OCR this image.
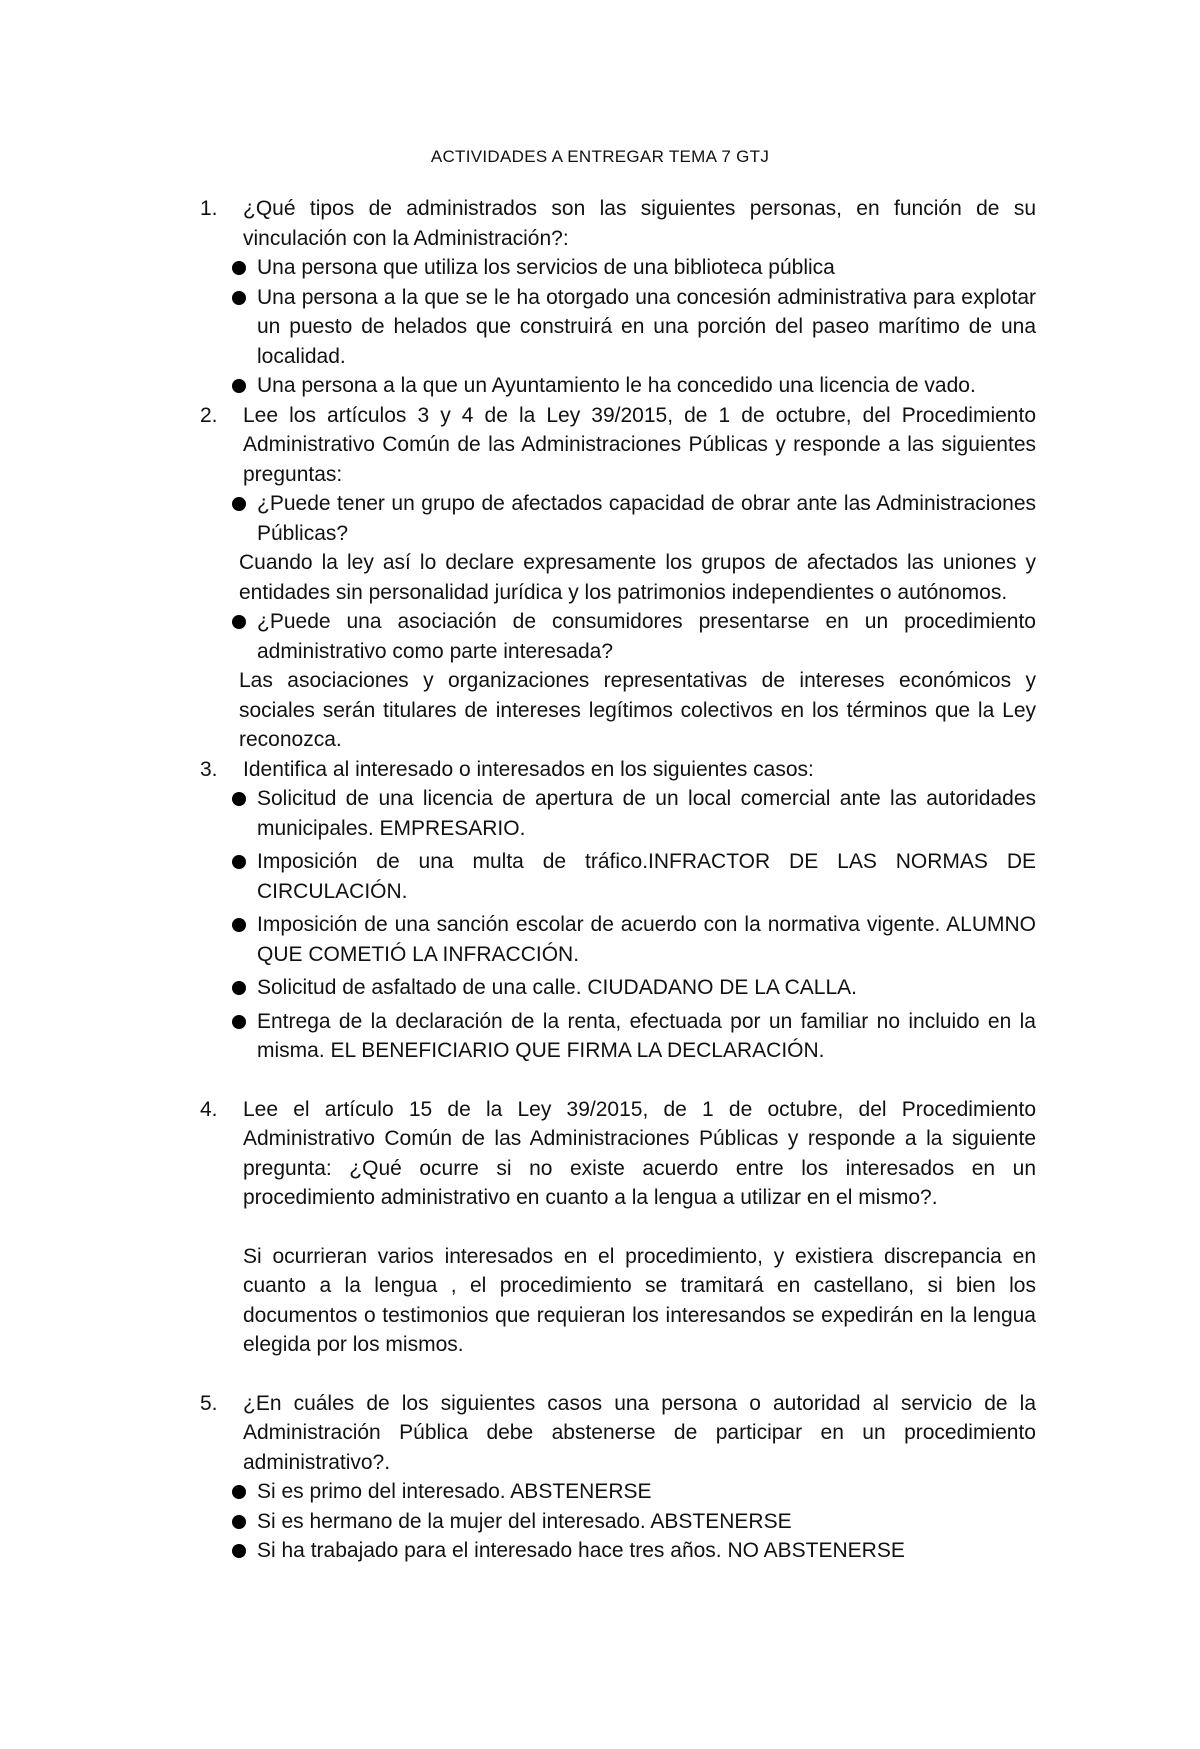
ACTIVIDADES A ENTREGAR TEMA 7 GTJ
1.	¿Qué tipos de administrados son las siguientes personas, en función de su vinculación con la Administración?:
Una persona que utiliza los servicios de una biblioteca pública
Una persona a la que se le ha otorgado una concesión administrativa para explotar un puesto de helados que construirá en una porción del paseo marítimo de una localidad.
Una persona a la que un Ayuntamiento le ha concedido una licencia de vado.
2.	Lee los artículos 3 y 4 de la Ley 39/2015, de 1 de octubre, del Procedimiento Administrativo Común de las Administraciones Públicas y responde a las siguientes preguntas:
¿Puede tener un grupo de afectados capacidad de obrar ante las Administraciones Públicas?
Cuando la ley así lo declare expresamente los grupos de afectados las uniones y entidades sin personalidad jurídica y los patrimonios independientes o autónomos.
¿Puede una asociación de consumidores presentarse en un procedimiento administrativo como parte interesada?
Las asociaciones y organizaciones representativas de intereses económicos y sociales serán titulares de intereses legítimos colectivos en los términos que la Ley reconozca.
3.	Identifica al interesado o interesados en los siguientes casos:
Solicitud de una licencia de apertura de un local comercial ante las autoridades municipales. EMPRESARIO.
Imposición de una multa de tráfico.INFRACTOR DE LAS NORMAS DE CIRCULACIÓN.
Imposición de una sanción escolar de acuerdo con la normativa vigente. ALUMNO QUE COMETIÓ LA INFRACCIÓN.
Solicitud de asfaltado de una calle. CIUDADANO DE LA CALLA.
Entrega de la declaración de la renta, efectuada por un familiar no incluido en la misma. EL BENEFICIARIO QUE FIRMA LA DECLARACIÓN.
4.	Lee el artículo 15 de la Ley 39/2015, de 1 de octubre, del Procedimiento Administrativo Común de las Administraciones Públicas y responde a la siguiente pregunta: ¿Qué ocurre si no existe acuerdo entre los interesados en un procedimiento administrativo en cuanto a la lengua a utilizar en el mismo?.
Si ocurrieran varios interesados en el procedimiento, y existiera discrepancia en cuanto a la lengua , el procedimiento se tramitará en castellano, si bien los documentos o testimonios que requieran los interesandos se expedirán en la lengua elegida por los mismos.
5.	¿En cuáles de los siguientes casos una persona o autoridad al servicio de la Administración Pública debe abstenerse de participar en un procedimiento administrativo?.
Si es primo del interesado. ABSTENERSE
Si es hermano de la mujer del interesado. ABSTENERSE
Si ha trabajado para el interesado hace tres años. NO ABSTENERSE
